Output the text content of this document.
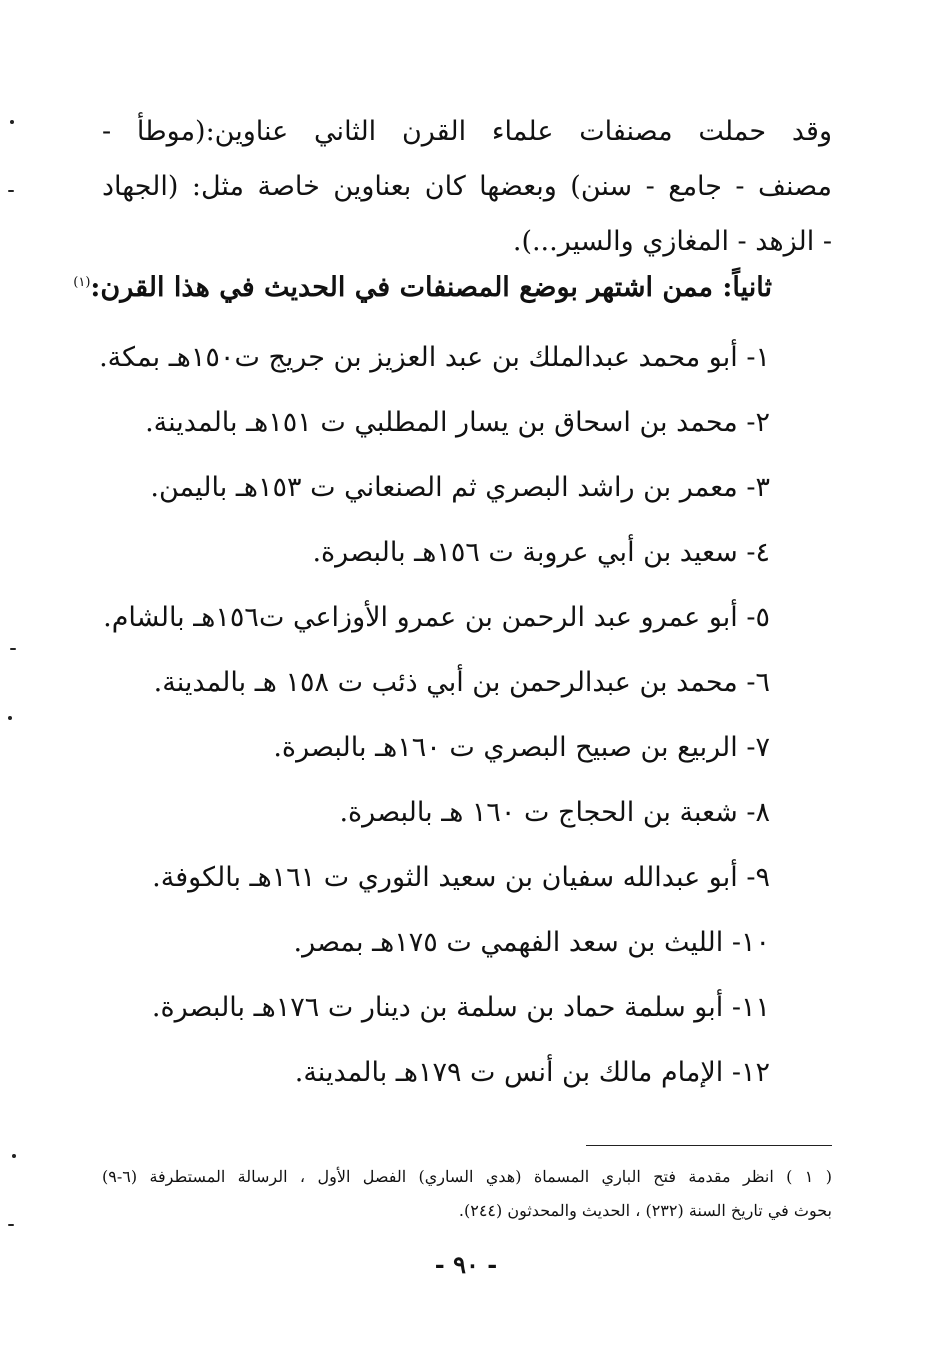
وقد حملت مصنفات علماء القرن الثاني عناوين:(موطأ -
مصنف - جامع - سنن) وبعضها كان بعناوين خاصة مثل: (الجهاد
- الزهد - المغازي والسير...).
ثانياً: ممن اشتهر بوضع المصنفات في الحديث في هذا القرن:$^{(١)}$
١- أبو محمد عبدالملك بن عبد العزيز بن جريج ت١٥٠هـ بمكة.
٢- محمد بن اسحاق بن يسار المطلبي ت ١٥١هـ بالمدينة.
٣- معمر بن راشد البصري ثم الصنعاني ت ١٥٣هـ باليمن.
٤- سعيد بن أبي عروبة ت ١٥٦هـ بالبصرة.
٥- أبو عمرو عبد الرحمن بن عمرو الأوزاعي ت١٥٦هـ بالشام.
٦- محمد بن عبدالرحمن بن أبي ذئب ت ١٥٨ هـ بالمدينة.
٧- الربيع بن صبيح البصري ت ١٦٠هـ بالبصرة.
٨- شعبة بن الحجاج ت ١٦٠ هـ بالبصرة.
٩- أبو عبدالله سفيان بن سعيد الثوري ت ١٦١هـ بالكوفة.
١٠- الليث بن سعد الفهمي ت ١٧٥هـ بمصر.
١١- أبو سلمة حماد بن سلمة بن دينار ت ١٧٦هـ بالبصرة.
١٢- الإمام مالك بن أنس ت ١٧٩هـ بالمدينة.
( ١ ) انظر مقدمة فتح الباري المسماة (هدي الساري) الفصل الأول ، الرسالة المستطرفة (٦-٩)
بحوث في تاريخ السنة (٢٣٢) ، الحديث والمحدثون (٢٤٤).
- ٩٠ -
